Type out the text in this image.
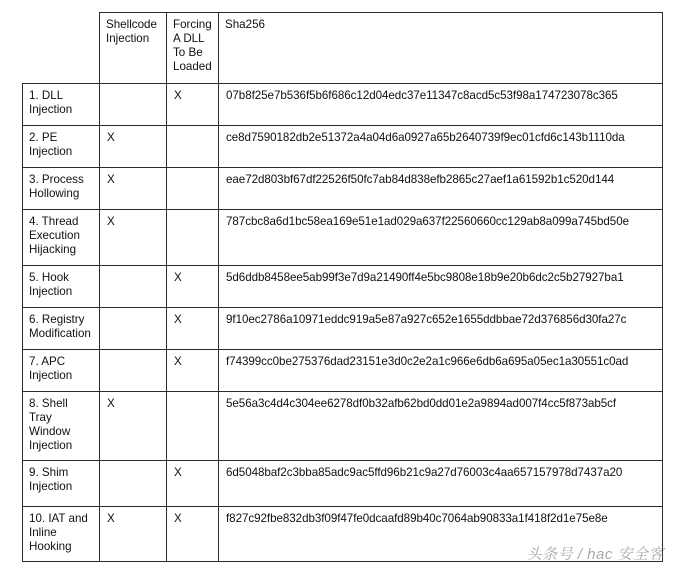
	Shellcode
Injection	Forcing
A DLL
To Be
Loaded	Sha256
1. DLL
Injection		X	07b8f25e7b536f5b6f686c12d04edc37e11347c8acd5c53f98a174723078c365
2. PE
Injection	X		ce8d7590182db2e51372a4a04d6a0927a65b2640739f9ec01cfd6c143b1110da
3. Process
Hollowing	X		eae72d803bf67df22526f50fc7ab84d838efb2865c27aef1a61592b1c520d144
4. Thread
Execution
Hijacking	X		787cbc8a6d1bc58ea169e51e1ad029a637f22560660cc129ab8a099a745bd50e
5. Hook
Injection		X	5d6ddb8458ee5ab99f3e7d9a21490ff4e5bc9808e18b9e20b6dc2c5b27927ba1
6. Registry
Modification		X	9f10ec2786a10971eddc919a5e87a927c652e1655ddbbae72d376856d30fa27c
7. APC
Injection		X	f74399cc0be275376dad23151e3d0c2e2a1c966e6db6a695a05ec1a30551c0ad
8. Shell
Tray
Window
Injection	X		5e56a3c4d4c304ee6278df0b32afb62bd0dd01e2a9894ad007f4cc5f873ab5cf
9. Shim
Injection		X	6d5048baf2c3bba85adc9ac5ffd96b21c9a27d76003c4aa657157978d7437a20
10. IAT and
Inline
Hooking	X	X	f827c92fbe832db3f09f47fe0dcaafd89b40c7064ab90833a1f418f2d1e75e8e
头条号 / hac 安全客
